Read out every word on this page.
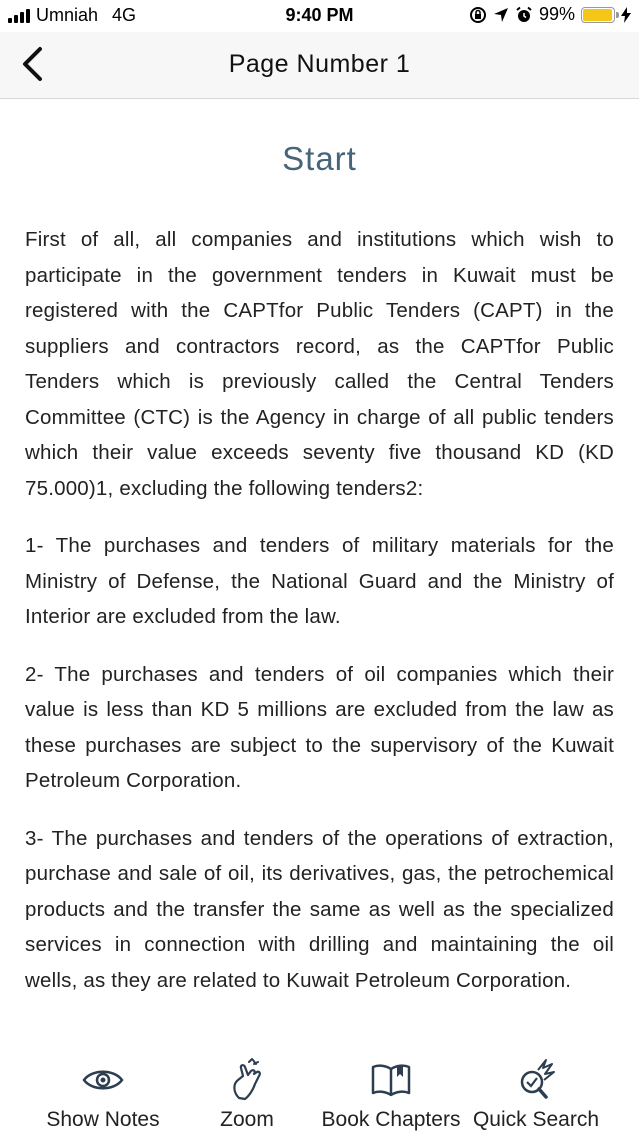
Umniah 4G	9:40 PM	99%
Page Number 1
Start

First of all, all companies and institutions which wish to participate in the government tenders in Kuwait must be registered with the CAPTfor Public Tenders (CAPT) in the suppliers and contractors record, as the CAPTfor Public Tenders which is previously called the Central Tenders Committee (CTC) is the Agency in charge of all public tenders which their value exceeds seventy five thousand KD (KD 75.000)1, excluding the following tenders2:

1- The purchases and tenders of military materials for the Ministry of Defense, the National Guard and the Ministry of Interior are excluded from the law.

2- The purchases and tenders of oil companies which their value is less than KD 5 millions are excluded from the law as these purchases are subject to the supervisory of the Kuwait Petroleum Corporation.

3- The purchases and tenders of the operations of extraction, purchase and sale of oil, its derivatives, gas, the petrochemical products and the transfer the same as well as the specialized services in connection with drilling and maintaining the oil wells, as they are related to Kuwait Petroleum Corporation.

Show Notes	Zoom Book Chapters Quick Search
